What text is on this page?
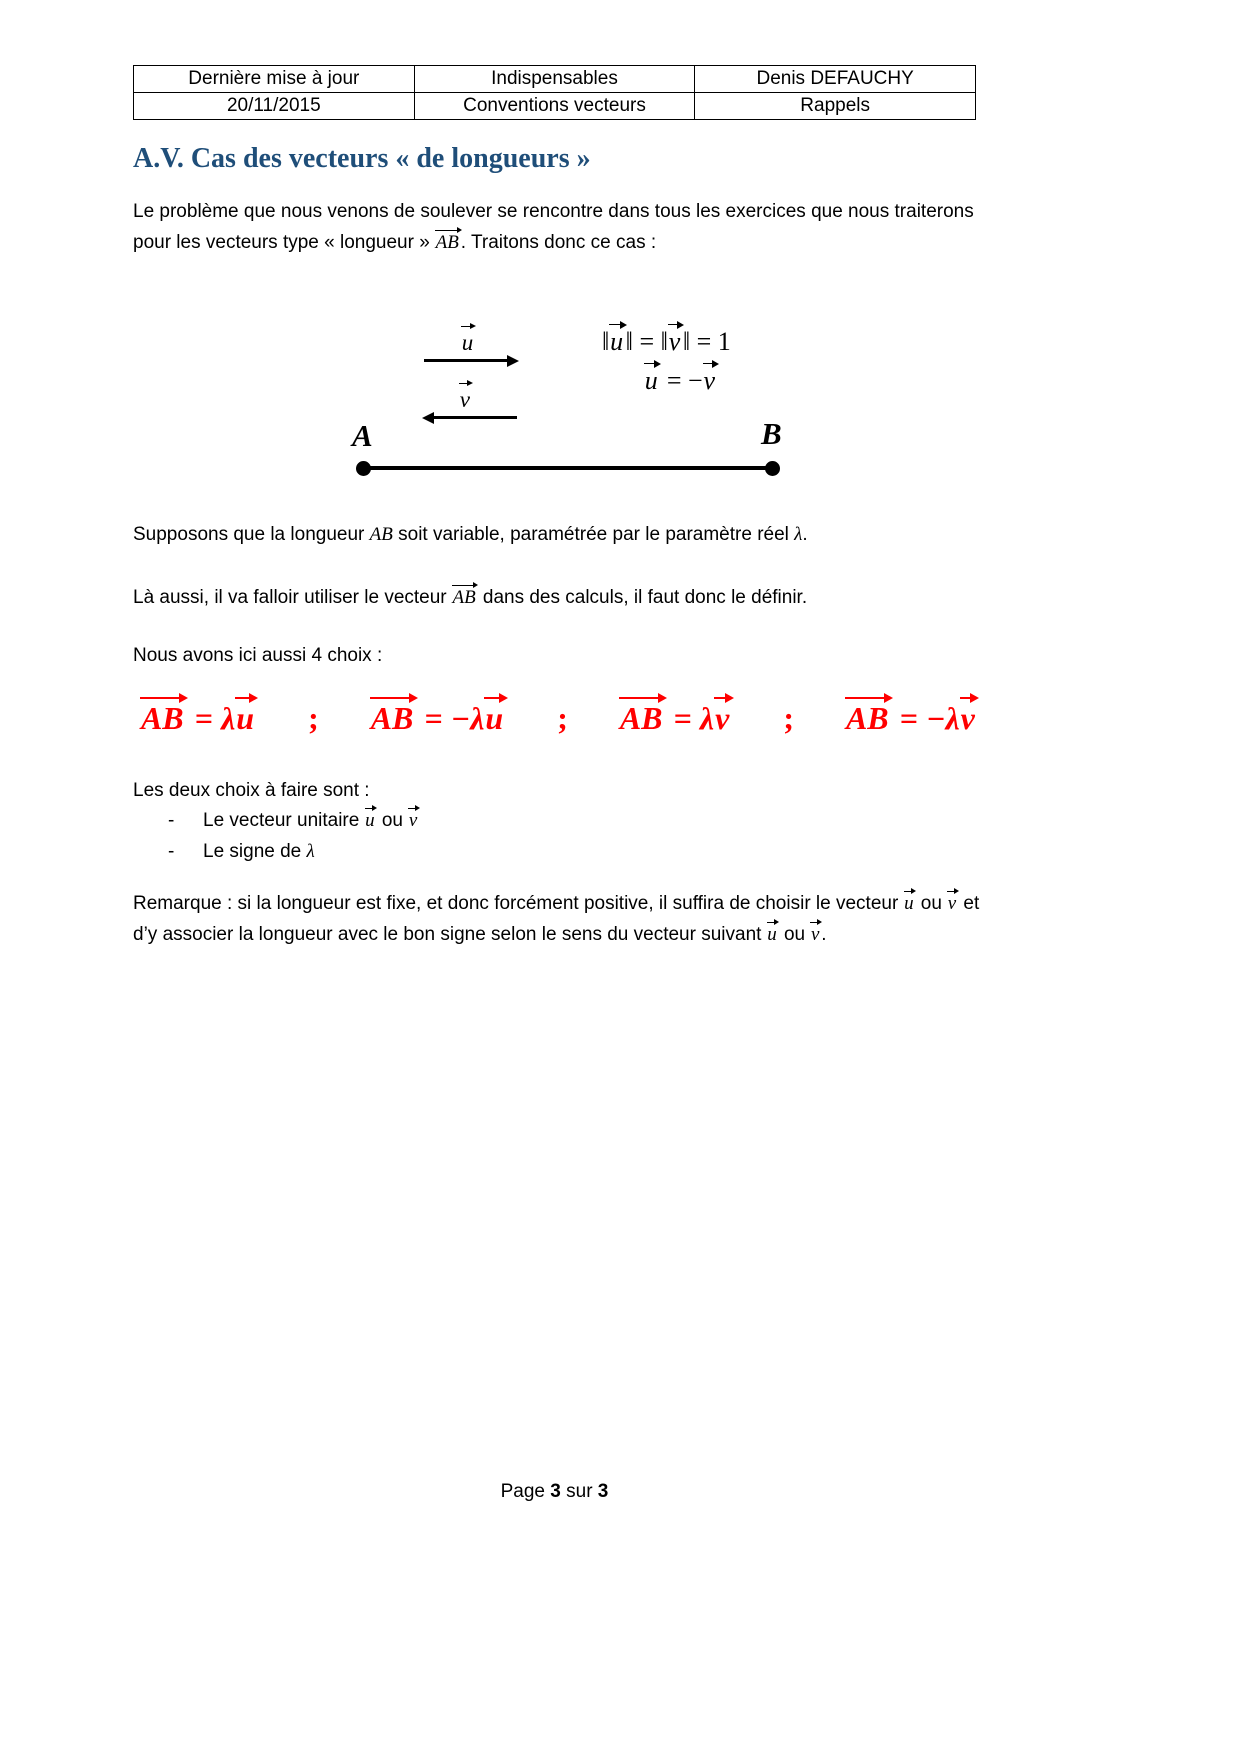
Dernière mise à jour	Indispensables	Denis DEFAUCHY
20/11/2015	Conventions vecteurs	Rappels
A.V. Cas des vecteurs « de longueurs »
Le problème que nous venons de soulever se rencontre dans tous les exercices que nous traiterons
pour les vecteurs type « longueur » AB. Traitons donc ce cas :
u	‖u‖ = ‖v‖ = 1
u = −v
v
A	B
Supposons que la longueur AB soit variable, paramétrée par le paramètre réel λ.
Là aussi, il va falloir utiliser le vecteur AB dans des calculs, il faut donc le définir.
Nous avons ici aussi 4 choix :
AB = λu ; AB = −λu ; AB = λv ; AB = −λv
Les deux choix à faire sont :
- Le vecteur unitaire u ou v
- Le signe de λ
Remarque : si la longueur est fixe, et donc forcément positive, il suffira de choisir le vecteur u ou v et
d’y associer la longueur avec le bon signe selon le sens du vecteur suivant u ou v.
Page 3 sur 3
